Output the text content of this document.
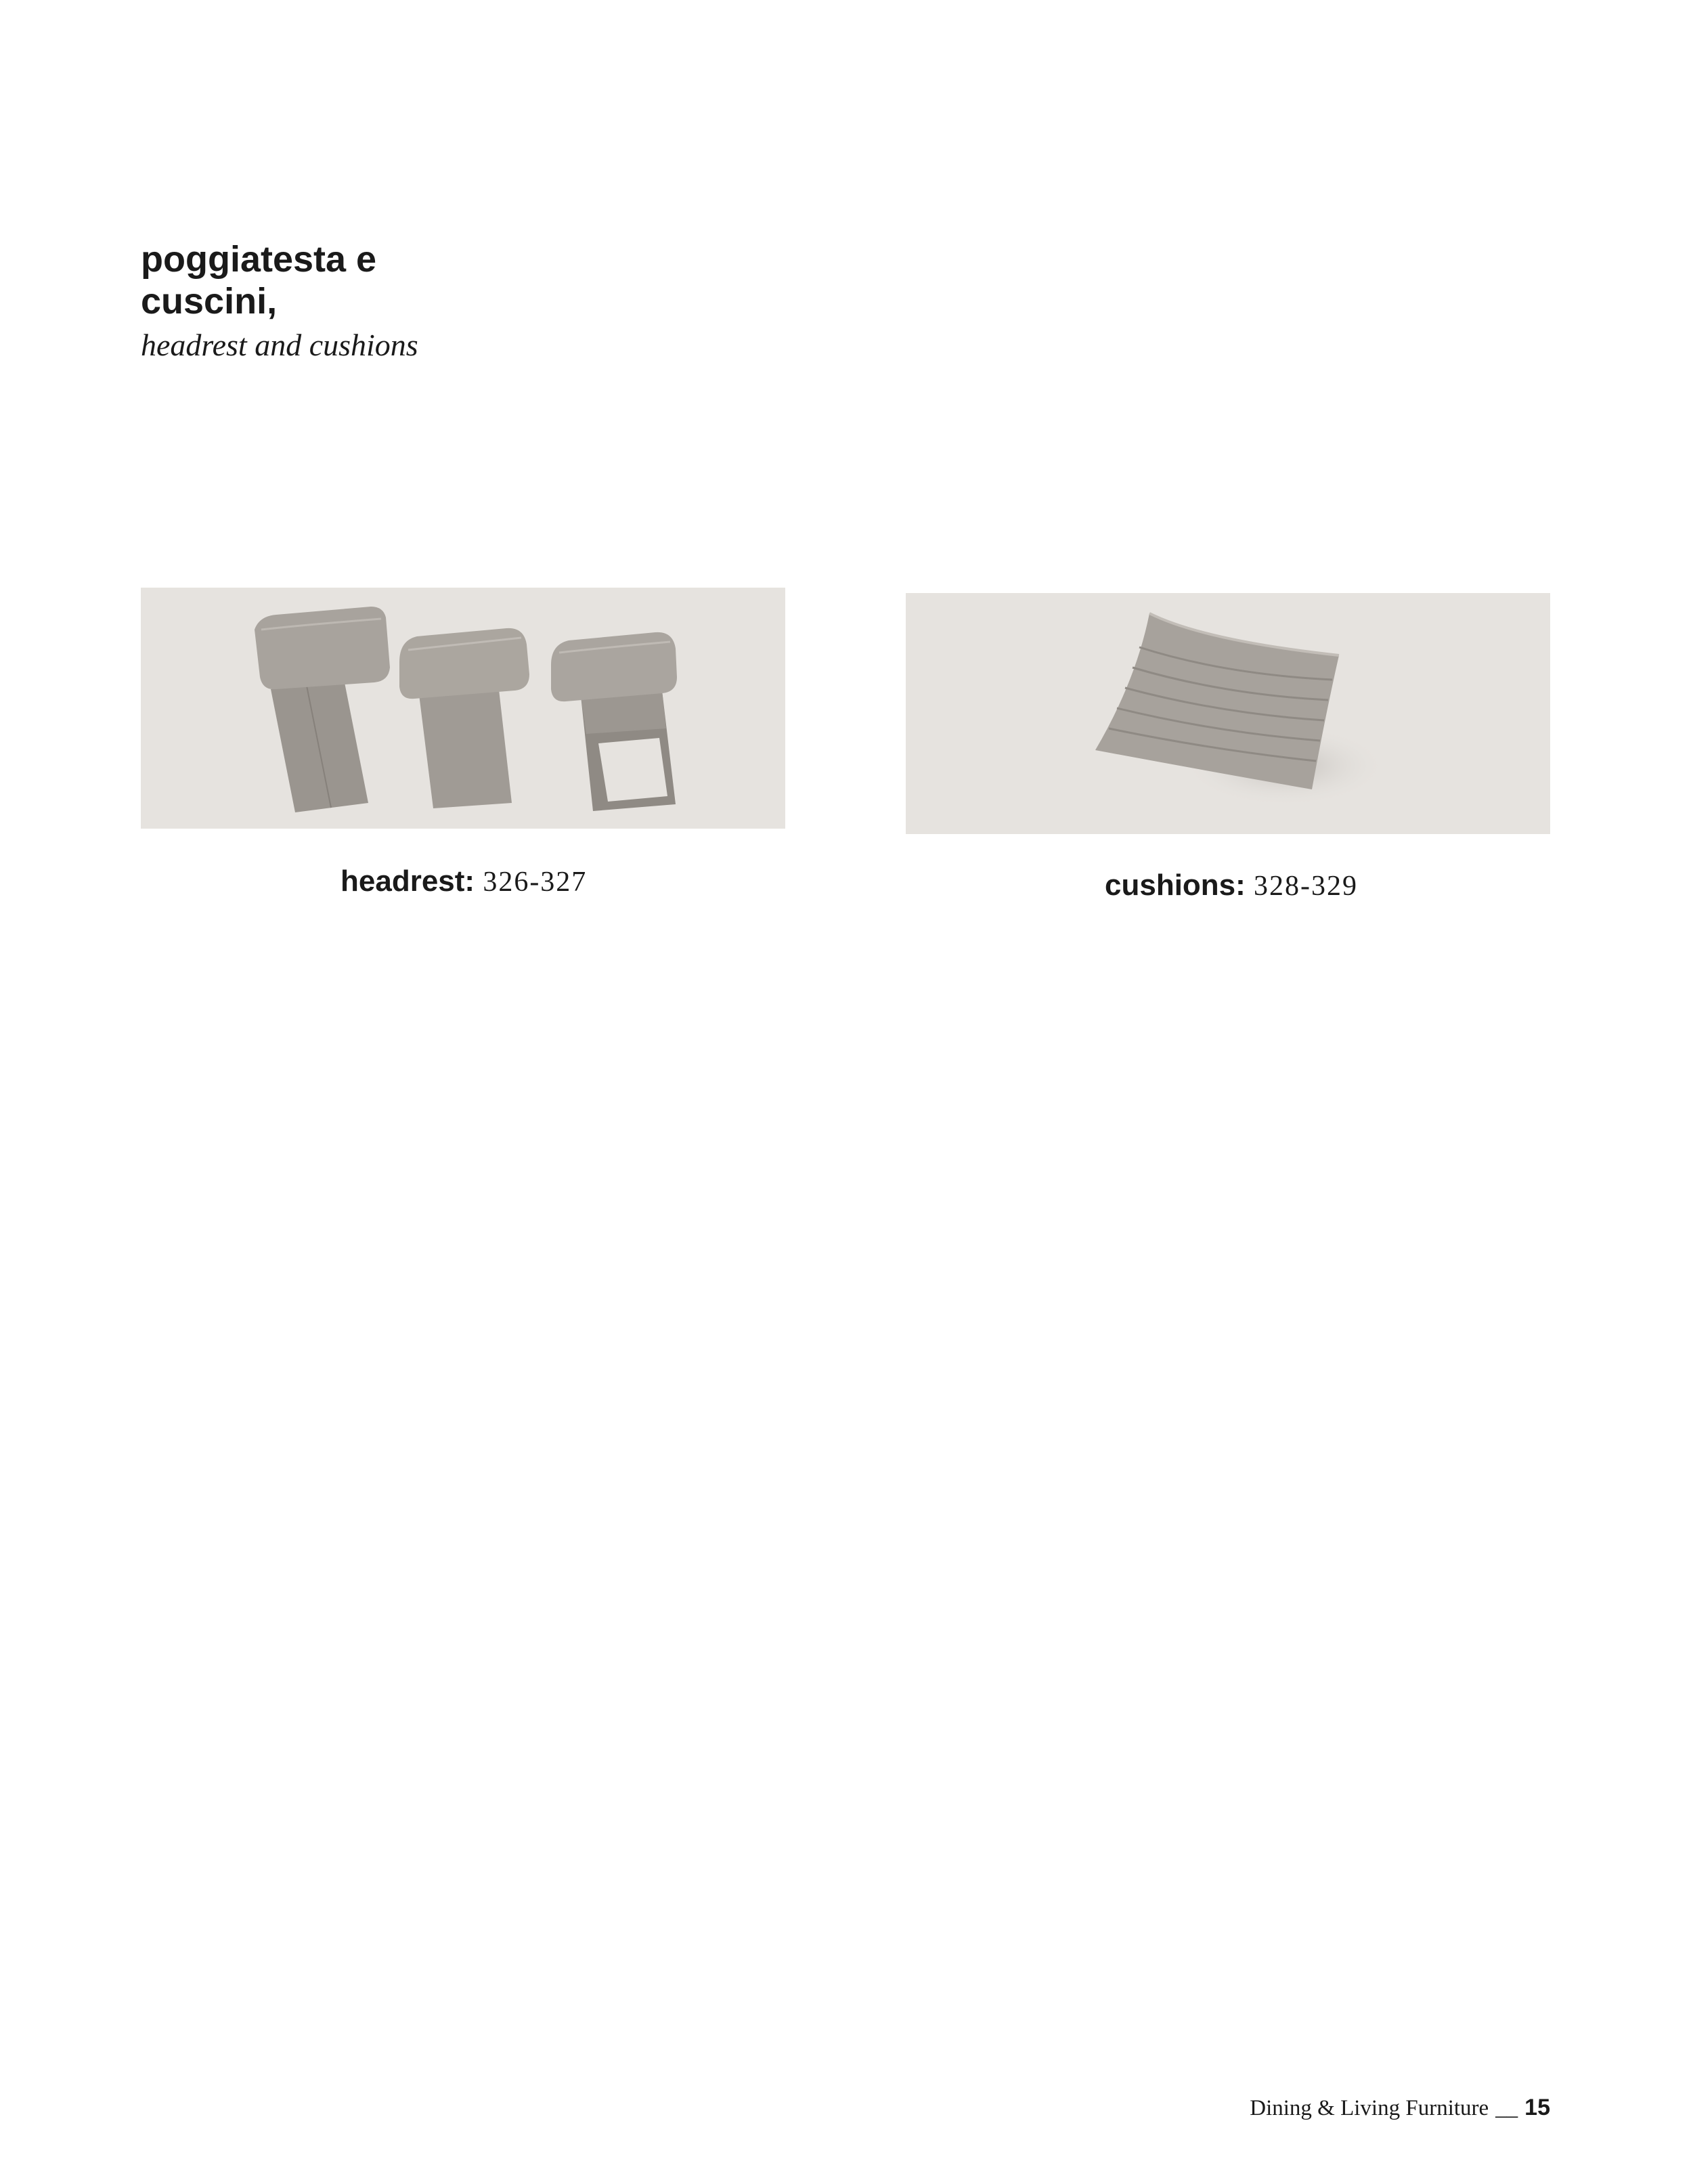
poggiatesta e
cuscini,
headrest and cushions
headrest: 326-327	cushions: 328-329
Dining & Living Furniture __ 15
